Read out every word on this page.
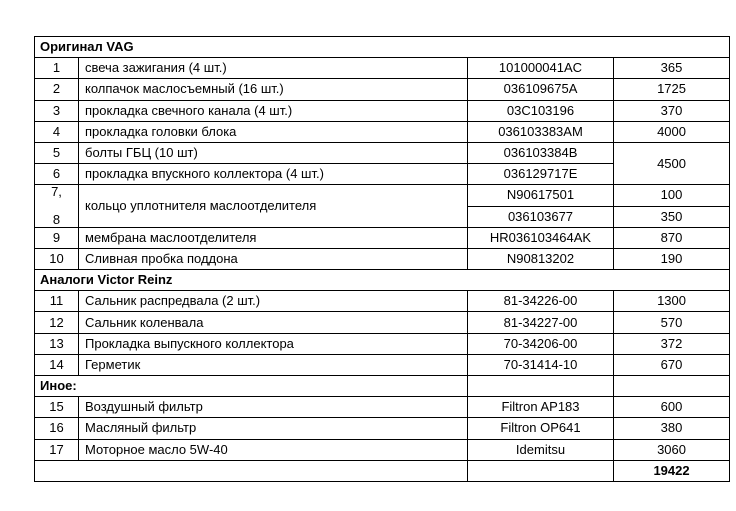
Оригинал VAG			
1	свеча зажигания (4 шт.)	101000041AC	365
2	колпачок маслосъемный (16 шт.)	036109675A	1725
3	прокладка свечного канала (4 шт.)	03C103196	370
4	прокладка головки блока	036103383AM	4000
5	болты ГБЦ (10 шт)	036103384B	4500
6	прокладка впускного коллектора (4 шт.)	036129717E	
7,	кольцо уплотнителя маслоотделителя	N90617501	100
8		036103677	350
9	мембрана маслоотделителя	HR036103464AK	870
10	Сливная пробка поддона	N90813202	190
Аналоги Victor Reinz			
11	Сальник распредвала (2 шт.)	81-34226-00	1300
12	Сальник коленвала	81-34227-00	570
13	Прокладка выпускного коллектора	70-34206-00	372
14	Герметик	70-31414-10	670
Иное:			
15	Воздушный фильтр	Filtron AP183	600
16	Масляный фильтр	Filtron OP641	380
17	Моторное масло 5W-40	Idemitsu	3060
			19422
